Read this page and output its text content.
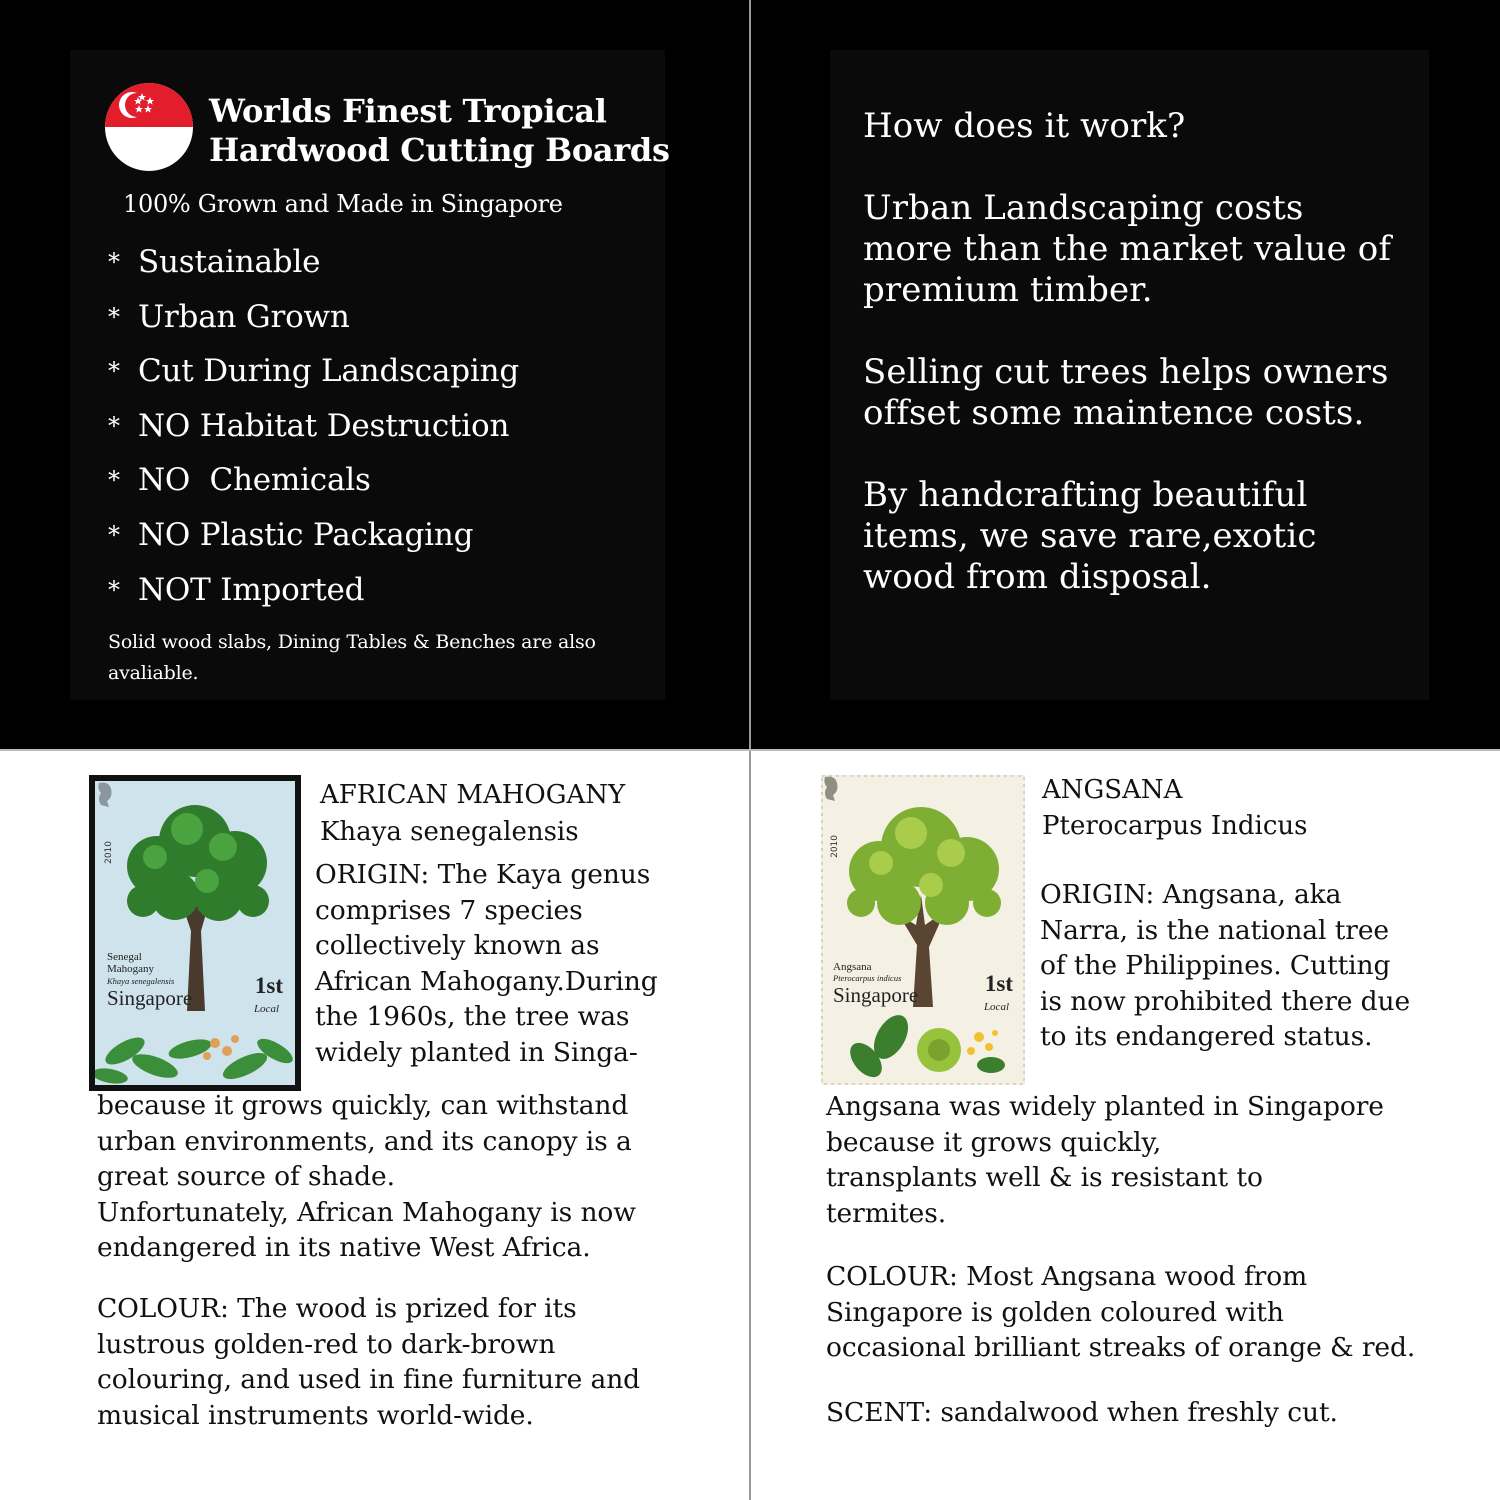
Worlds Finest Tropical
Hardwood Cutting Boards
100% Grown and Made in Singapore
* Sustainable
* Urban Grown
* Cut During Landscaping
* NO Habitat Destruction
* NO  Chemicals
* NO Plastic Packaging
* NOT Imported

Solid wood slabs, Dining Tables & Benches are also avaliable.

How does it work?

Urban Landscaping costs
more than the market value of
premium timber.

Selling cut trees helps owners
offset some maintence costs.

By handcrafting beautiful
items, we save rare,exotic
wood from disposal.

2010
Senegal
Mahogany
Khaya senegalensis
Singapore	1st
Local
AFRICAN MAHOGANY
Khaya senegalensis

ORIGIN: The Kaya genus
comprises 7 species
collectively known as
African Mahogany.During
the 1960s, the tree was
widely planted in Singa-

because it grows quickly, can withstand
urban environments, and its canopy is a
great source of shade.
Unfortunately, African Mahogany is now
endangered in its native West Africa.

COLOUR: The wood is prized for its
lustrous golden-red to dark-brown
colouring, and used in fine furniture and
musical instruments world-wide.

2010
Angsana
Pterocarpus indicus
Singapore	1st
Local
ANGSANA
Pterocarpus Indicus

ORIGIN: Angsana, aka
Narra, is the national tree
of the Philippines. Cutting
is now prohibited there due
to its endangered status.

Angsana was widely planted in Singapore
because it grows quickly,
transplants well & is resistant to
termites.

COLOUR: Most Angsana wood from
Singapore is golden coloured with
occasional brilliant streaks of orange & red.

SCENT: sandalwood when freshly cut.
